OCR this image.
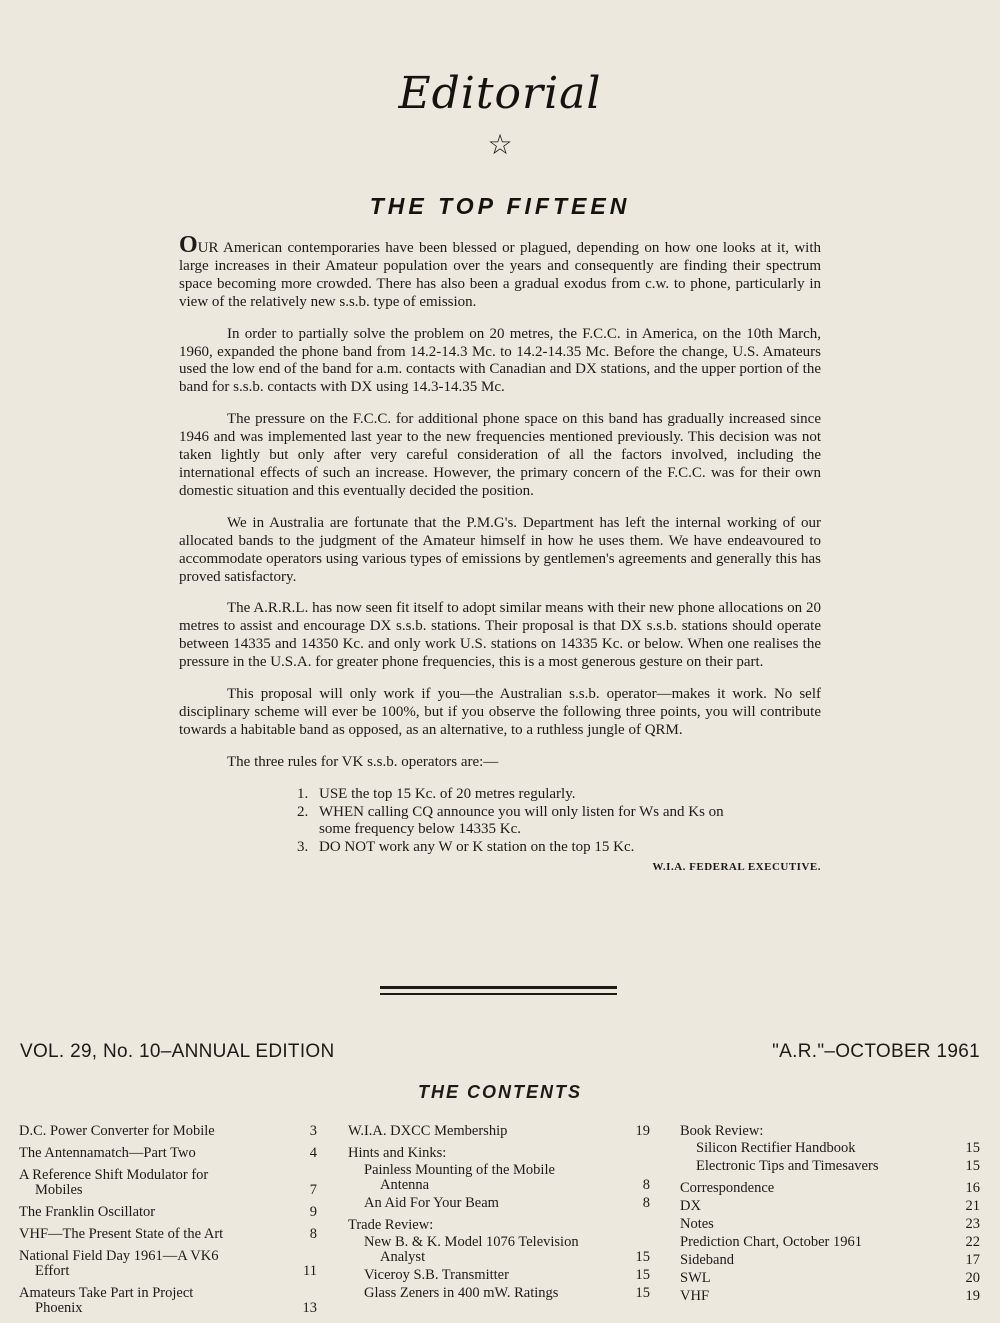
Editorial
☆
THE TOP FIFTEEN

OUR American contemporaries have been blessed or plagued, depending on how one looks at it, with large increases in their Amateur population over the years and consequently are finding their spectrum space becoming more crowded. There has also been a gradual exodus from c.w. to phone, particularly in view of the relatively new s.s.b. type of emission.

In order to partially solve the problem on 20 metres, the F.C.C. in America, on the 10th March, 1960, expanded the phone band from 14.2-14.3 Mc. to 14.2-14.35 Mc. Before the change, U.S. Amateurs used the low end of the band for a.m. contacts with Canadian and DX stations, and the upper portion of the band for s.s.b. contacts with DX using 14.3-14.35 Mc.

The pressure on the F.C.C. for additional phone space on this band has gradually increased since 1946 and was implemented last year to the new frequencies mentioned previously. This decision was not taken lightly but only after very careful consideration of all the factors involved, including the international effects of such an increase. However, the primary concern of the F.C.C. was for their own domestic situation and this eventually decided the position.

We in Australia are fortunate that the P.M.G's. Department has left the internal working of our allocated bands to the judgment of the Amateur himself in how he uses them. We have endeavoured to accommodate operators using various types of emissions by gentlemen's agreements and generally this has proved satisfactory.

The A.R.R.L. has now seen fit itself to adopt similar means with their new phone allocations on 20 metres to assist and encourage DX s.s.b. stations. Their proposal is that DX s.s.b. stations should operate between 14335 and 14350 Kc. and only work U.S. stations on 14335 Kc. or below. When one realises the pressure in the U.S.A. for greater phone frequencies, this is a most generous gesture on their part.

This proposal will only work if you—the Australian s.s.b. operator—makes it work. No self disciplinary scheme will ever be 100%, but if you observe the following three points, you will contribute towards a habitable band as opposed, as an alternative, to a ruthless jungle of QRM.

The three rules for VK s.s.b. operators are:—

1. USE the top 15 Kc. of 20 metres regularly.
2. WHEN calling CQ announce you will only listen for Ws and Ks on some frequency below 14335 Kc.
3. DO NOT work any W or K station on the top 15 Kc.
W.I.A. FEDERAL EXECUTIVE.
VOL. 29, No. 10–ANNUAL EDITION	"A.R."–OCTOBER 1961
THE CONTENTS
D.C. Power Converter for Mobile	3
The Antennamatch—Part Two	4
A Reference Shift Modulator for
Mobiles	7
The Franklin Oscillator	9
VHF—The Present State of the Art	8
National Field Day 1961—A VK6
Effort	11
Amateurs Take Part in Project
Phoenix	13
W.I.A. DXCC Membership	19
Hints and Kinks:
Painless Mounting of the Mobile
Antenna	8
An Aid For Your Beam	8
Trade Review:
New B. & K. Model 1076 Television
Analyst	15
Viceroy S.B. Transmitter	15
Glass Zeners in 400 mW. Ratings	15
Book Review:
Silicon Rectifier Handbook	15
Electronic Tips and Timesavers	15
Correspondence	16
DX	21
Notes	23
Prediction Chart, October 1961	22
Sideband	17
SWL	20
VHF	19
